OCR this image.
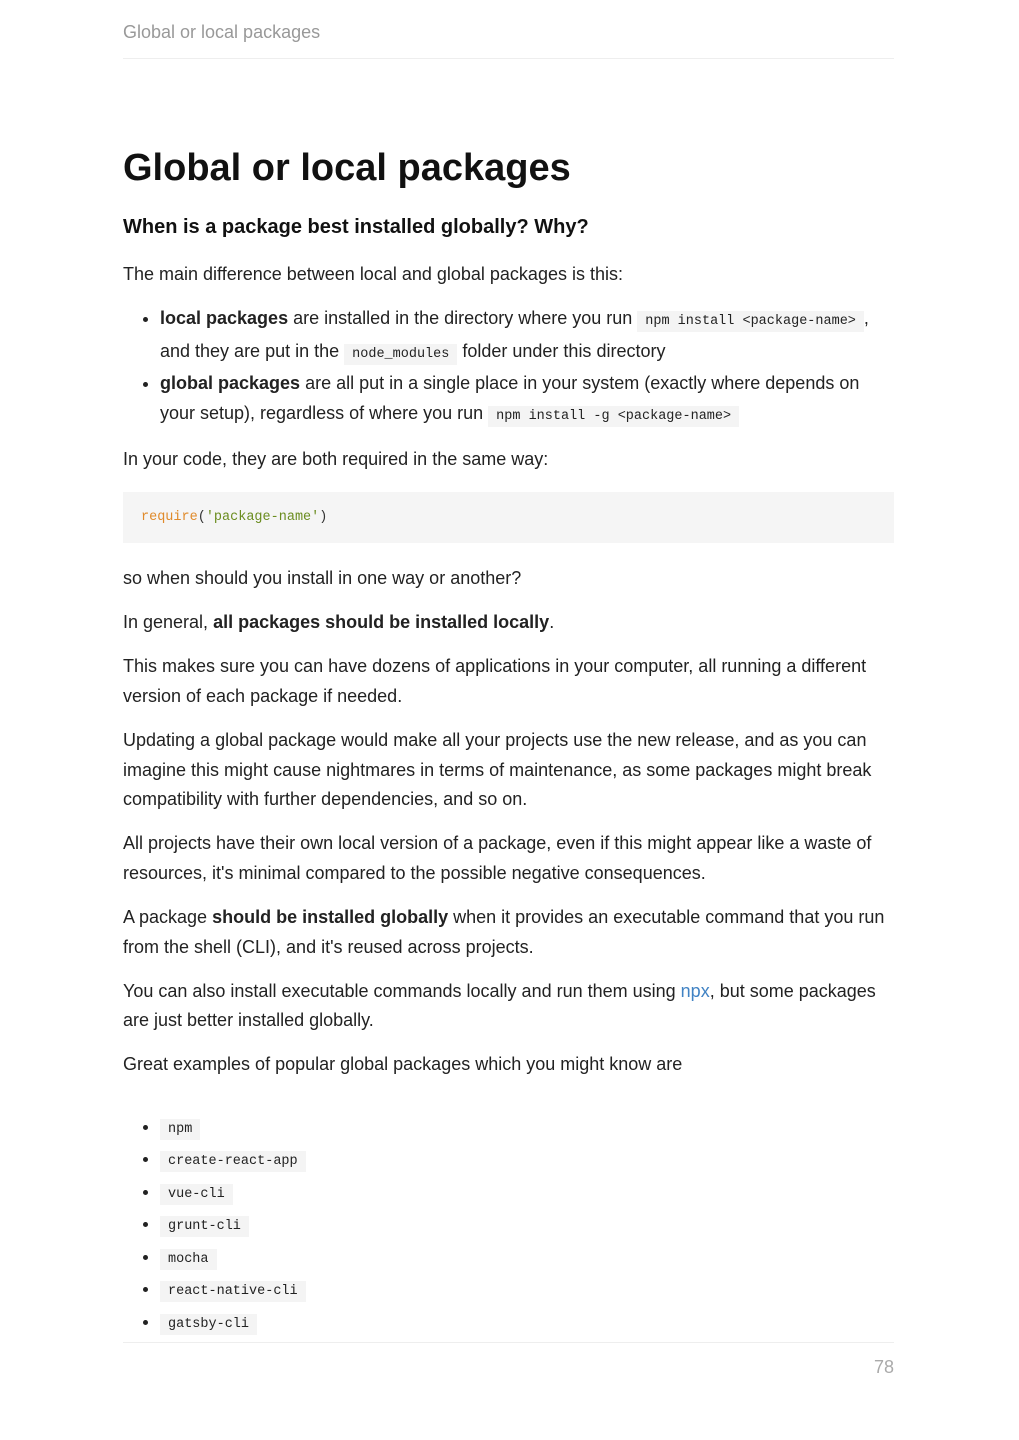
Global or local packages
Global or local packages
When is a package best installed globally? Why?

The main difference between local and global packages is this:

• local packages are installed in the directory where you run npm install <package-name> , and they are put in the node_modules folder under this directory
• global packages are all put in a single place in your system (exactly where depends on your setup), regardless of where you run npm install -g <package-name>

In your code, they are both required in the same way:

require('package-name')

so when should you install in one way or another?

In general, all packages should be installed locally.

This makes sure you can have dozens of applications in your computer, all running a different version of each package if needed.

Updating a global package would make all your projects use the new release, and as you can imagine this might cause nightmares in terms of maintenance, as some packages might break compatibility with further dependencies, and so on.

All projects have their own local version of a package, even if this might appear like a waste of resources, it's minimal compared to the possible negative consequences.

A package should be installed globally when it provides an executable command that you run from the shell (CLI), and it's reused across projects.

You can also install executable commands locally and run them using npx, but some packages are just better installed globally.

Great examples of popular global packages which you might know are

• npm
• create-react-app
• vue-cli
• grunt-cli
• mocha
• react-native-cli
• gatsby-cli
78
